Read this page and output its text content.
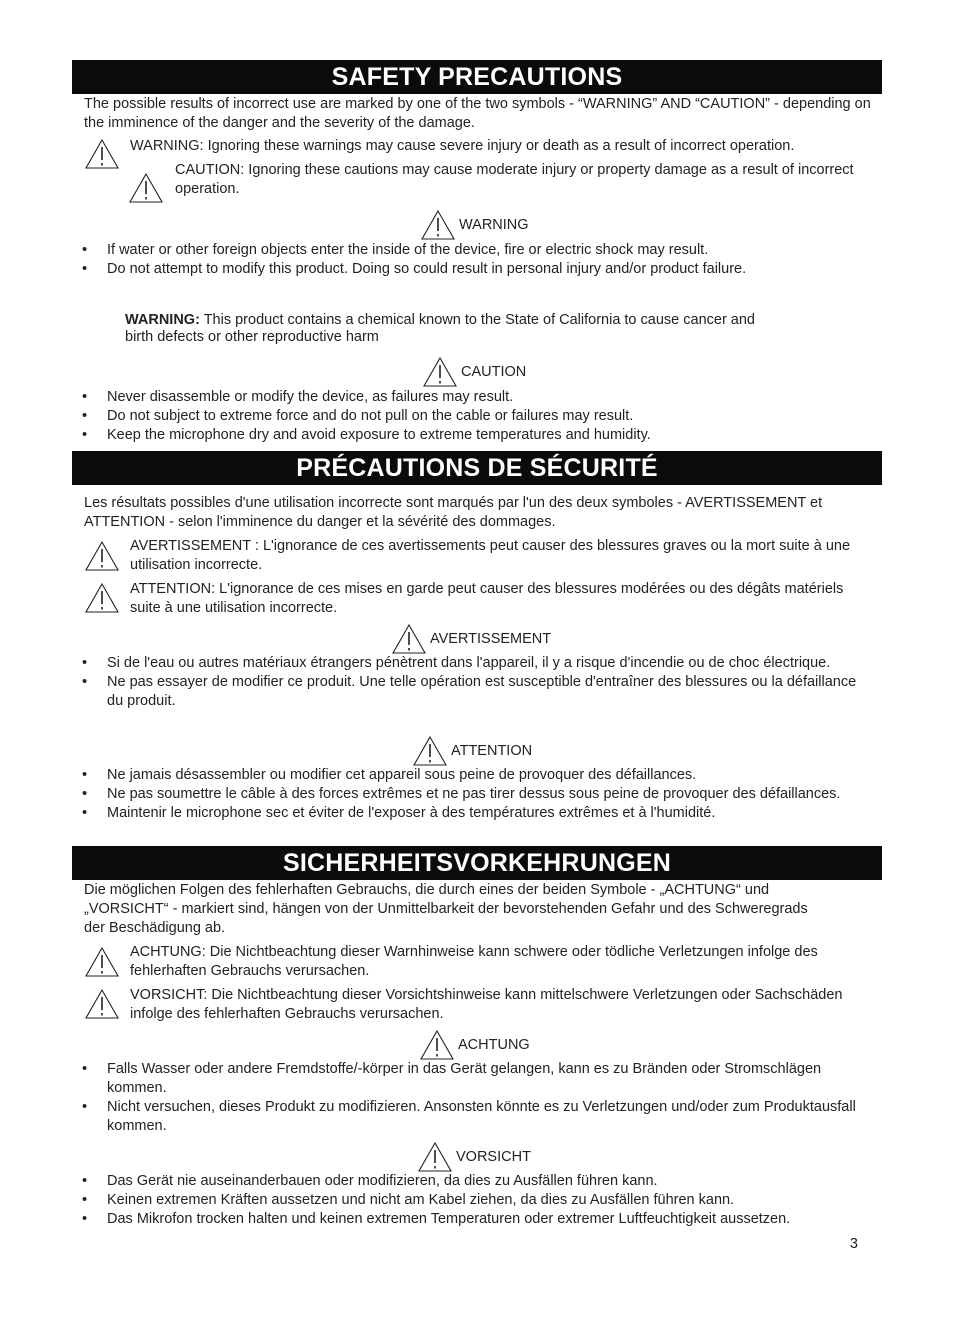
SAFETY PRECAUTIONS

The possible results of incorrect use are marked by one of the two symbols - “WARNING” AND “CAUTION” - depending on the imminence of the danger and the severity of the damage.

WARNING: Ignoring these warnings may cause severe injury or death as a result of incorrect operation.

CAUTION: Ignoring these cautions may cause moderate injury or property damage as a result of incorrect operation.

WARNING
• If water or other foreign objects enter the inside of the device, fire or electric shock may result.
• Do not attempt to modify this product. Doing so could result in personal injury and/or product failure.
WARNING: This product contains a chemical known to the State of California to cause cancer and birth defects or other reproductive harm
CAUTION
• Never disassemble or modify the device, as failures may result.
• Do not subject to extreme force and do not pull on the cable or failures may result.
• Keep the microphone dry and avoid exposure to extreme temperatures and humidity.
PRÉCAUTIONS DE SÉCURITÉ

Les résultats possibles d'une utilisation incorrecte sont marqués par l'un des deux symboles - AVERTISSEMENT et ATTENTION - selon l'imminence du danger et la sévérité des dommages.

AVERTISSEMENT : L'ignorance de ces avertissements peut causer des blessures graves ou la mort suite à une utilisation incorrecte.

ATTENTION: L'ignorance de ces mises en garde peut causer des blessures modérées ou des dégâts matériels suite à une utilisation incorrecte.

AVERTISSEMENT
• Si de l'eau ou autres matériaux étrangers pénètrent dans l'appareil, il y a risque d'incendie ou de choc électrique.
• Ne pas essayer de modifier ce produit. Une telle opération est susceptible d'entraîner des blessures ou la défaillance du produit.
ATTENTION
• Ne jamais désassembler ou modifier cet appareil sous peine de provoquer des défaillances.
• Ne pas soumettre le câble à des forces extrêmes et ne pas tirer dessus sous peine de provoquer des défaillances.
• Maintenir le microphone sec et éviter de l'exposer à des températures extrêmes et à l'humidité.
SICHERHEITSVORKEHRUNGEN

Die möglichen Folgen des fehlerhaften Gebrauchs, die durch eines der beiden Symbole - „ACHTUNG“ und „VORSICHT“ - markiert sind, hängen von der Unmittelbarkeit der bevorstehenden Gefahr und des Schweregrads der Beschädigung ab.

ACHTUNG: Die Nichtbeachtung dieser Warnhinweise kann schwere oder tödliche Verletzungen infolge des fehlerhaften Gebrauchs verursachen.

VORSICHT: Die Nichtbeachtung dieser Vorsichtshinweise kann mittelschwere Verletzungen oder Sachschäden infolge des fehlerhaften Gebrauchs verursachen.

ACHTUNG
• Falls Wasser oder andere Fremdstoffe/-körper in das Gerät gelangen, kann es zu Bränden oder Stromschlägen kommen.
• Nicht versuchen, dieses Produkt zu modifizieren. Ansonsten könnte es zu Verletzungen und/oder zum Produktausfall kommen.
VORSICHT
• Das Gerät nie auseinanderbauen oder modifizieren, da dies zu Ausfällen führen kann.
• Keinen extremen Kräften aussetzen und nicht am Kabel ziehen, da dies zu Ausfällen führen kann.
• Das Mikrofon trocken halten und keinen extremen Temperaturen oder extremer Luftfeuchtigkeit aussetzen.
3
